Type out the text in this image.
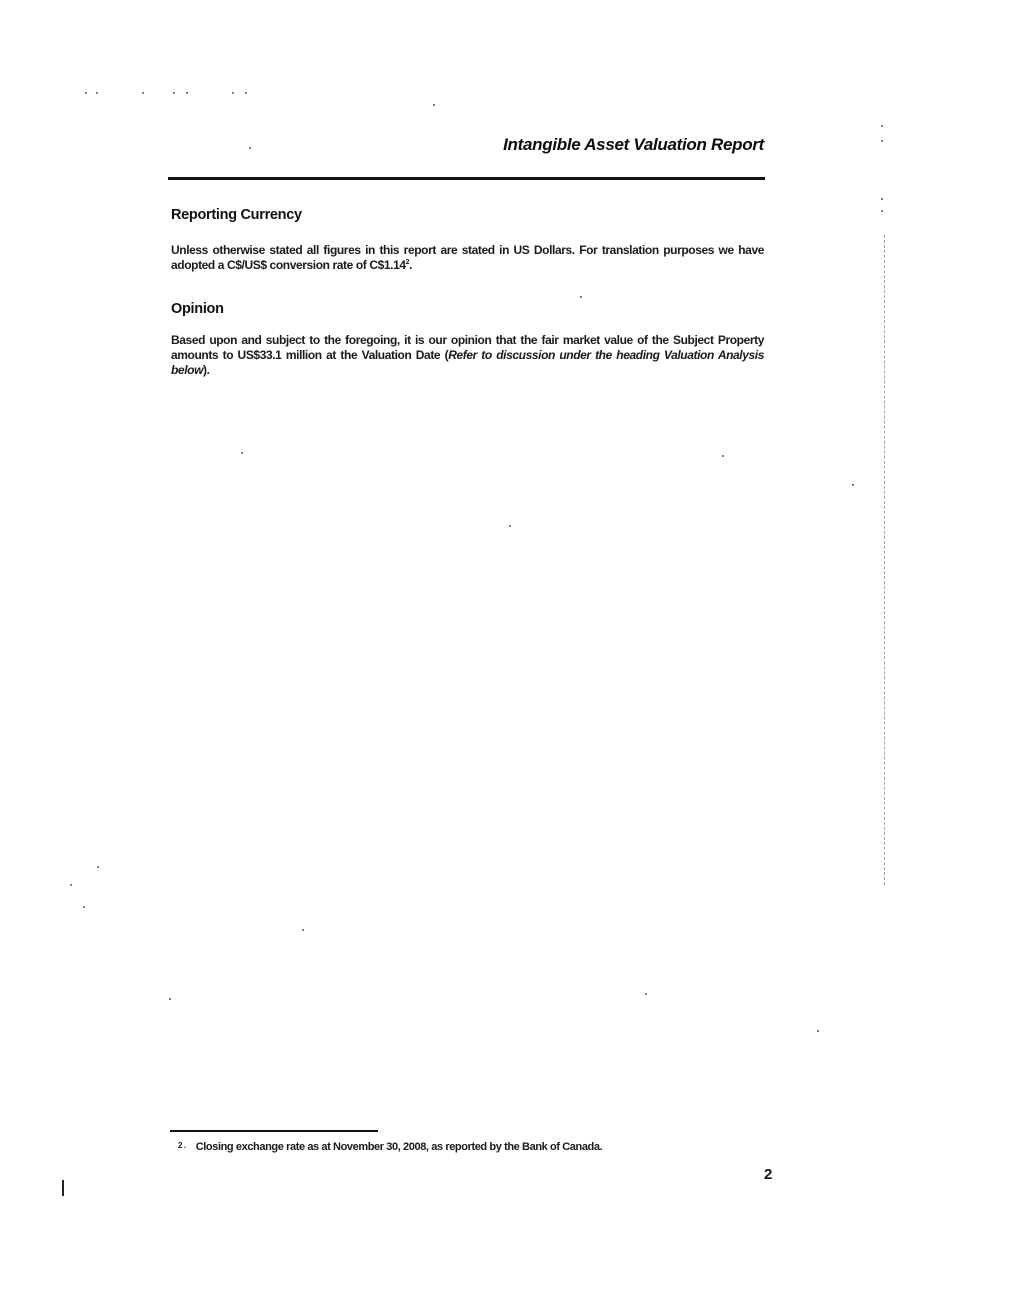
Intangible Asset Valuation Report
Reporting Currency
Unless otherwise stated all figures in this report are stated in US Dollars. For translation purposes we have adopted a C$/US$ conversion rate of C$1.14$^2$.
Opinion
Based upon and subject to the foregoing, it is our opinion that the fair market value of the Subject Property amounts to US$33.1 million at the Valuation Date (Refer to discussion under the heading Valuation Analysis below).
$^{2 .}$ Closing exchange rate as at November 30, 2008, as reported by the Bank of Canada.
2
